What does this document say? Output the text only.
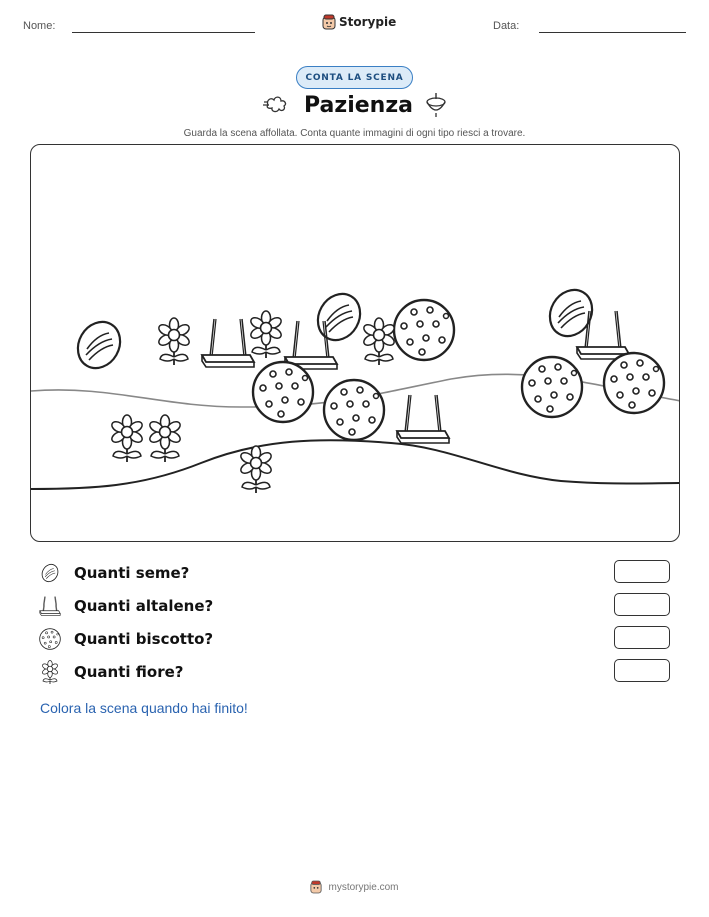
Nome:	Storypie	Data:
CONTA LA SCENA
Pazienza
Guarda la scena affollata. Conta quante immagini di ogni tipo riesci a trovare.
Quanti seme?
Quanti altalene?
Quanti biscotto?
Quanti fiore?
Colora la scena quando hai finito!
mystorypie.com
